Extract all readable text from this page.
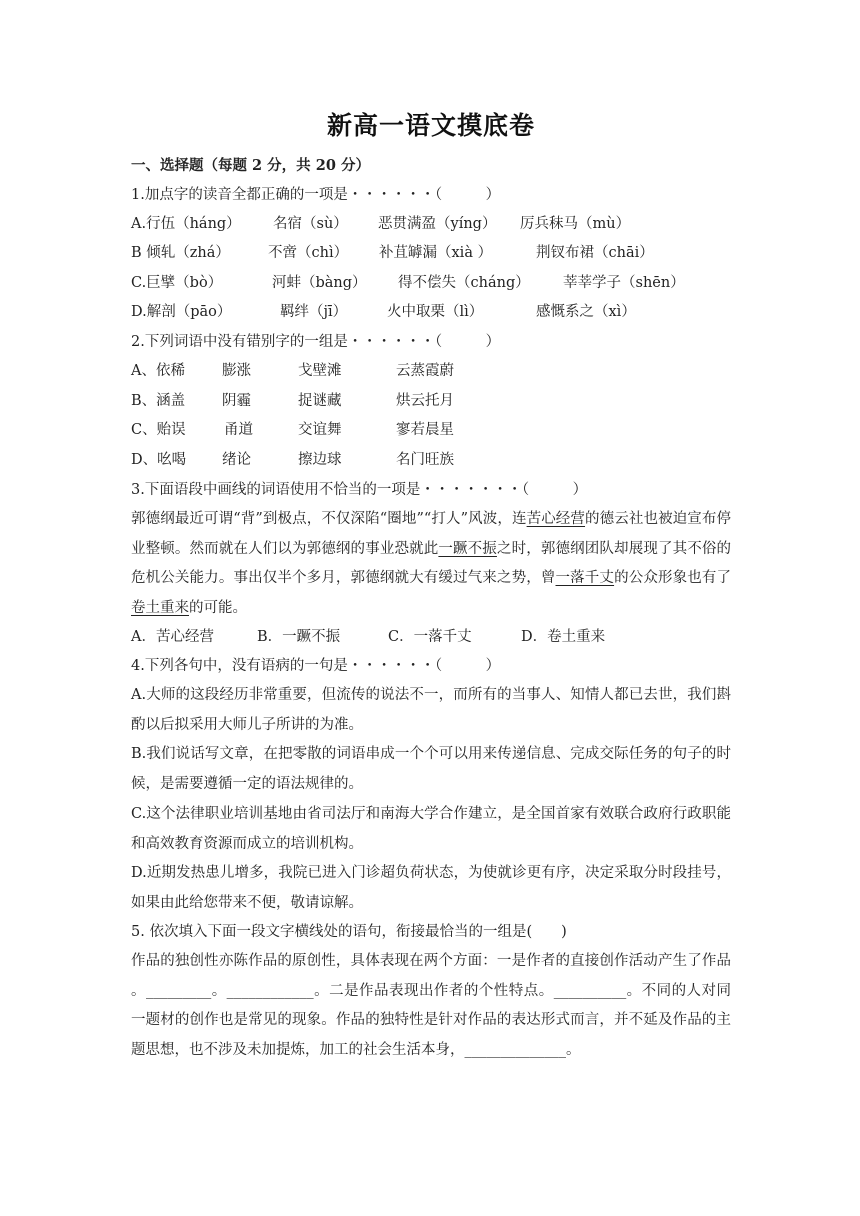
新高一语文摸底卷
一、选择题（每题 2 分，共 20 分）
1.加点字的读音全都正确的一项是・・・・・・（　　　）
A.行伍（háng） 名宿（sù） 恶贯满盈（yíng） 厉兵秣马（mù）
B 倾轧（zhá）	不啻（chì） 补苴罅漏（xià ）	荆钗布裙（chāi）
C.巨擘（bò）	河蚌（bàng） 得不偿失（cháng） 莘莘学子（shēn）
D.解剖（pāo）	羁绊（jī）	火中取栗（lì）	感慨系之（xì）
2.下列词语中没有错别字的一组是・・・・・・（　　　）
A、依稀	膨涨	戈壁滩	云蒸霞蔚
B、涵盖	阴霾	捉谜藏	烘云托月
C、贻误	甬道	交谊舞	寥若晨星
D、吆喝 绪论	擦边球	名门旺族
3.下面语段中画线的词语使用不恰当的一项是・・・・・・・（　　　）
郭德纲最近可谓“背”到极点，不仅深陷“圈地”“打人”风波，连苦心经营的德云社也被迫宣布停业整顿。然而就在人们以为郭德纲的事业恐就此一蹶不振之时，郭德纲团队却展现了其不俗的危机公关能力。事出仅半个多月，郭德纲就大有缓过气来之势，曾一落千丈的公众形象也有了卷土重来的可能。
A．苦心经营	B．一蹶不振	C．一落千丈	D．卷土重来
4.下列各句中，没有语病的一句是・・・・・・（　　　）
A.大师的这段经历非常重要，但流传的说法不一，而所有的当事人、知情人都已去世，我们斟酌以后拟采用大师儿子所讲的为准。
B.我们说话写文章，在把零散的词语串成一个个可以用来传递信息、完成交际任务的句子的时候，是需要遵循一定的语法规律的。
C.这个法律职业培训基地由省司法厅和南海大学合作建立，是全国首家有效联合政府行政职能和高效教育资源而成立的培训机构。
D.近期发热患儿增多，我院已进入门诊超负荷状态，为使就诊更有序，决定采取分时段挂号，如果由此给您带来不便，敬请谅解。
5. 依次填入下面一段文字横线处的语句，衔接最恰当的一组是(　　)
作品的独创性亦陈作品的原创性，具体表现在两个方面：一是作者的直接创作活动产生了作品 。_________。____________。二是作品表现出作者的个性特点。__________。不同的人对同一题材的创作也是常见的现象。作品的独特性是针对作品的表达形式而言，并不延及作品的主题思想，也不涉及未加提炼，加工的社会生活本身，______________。
